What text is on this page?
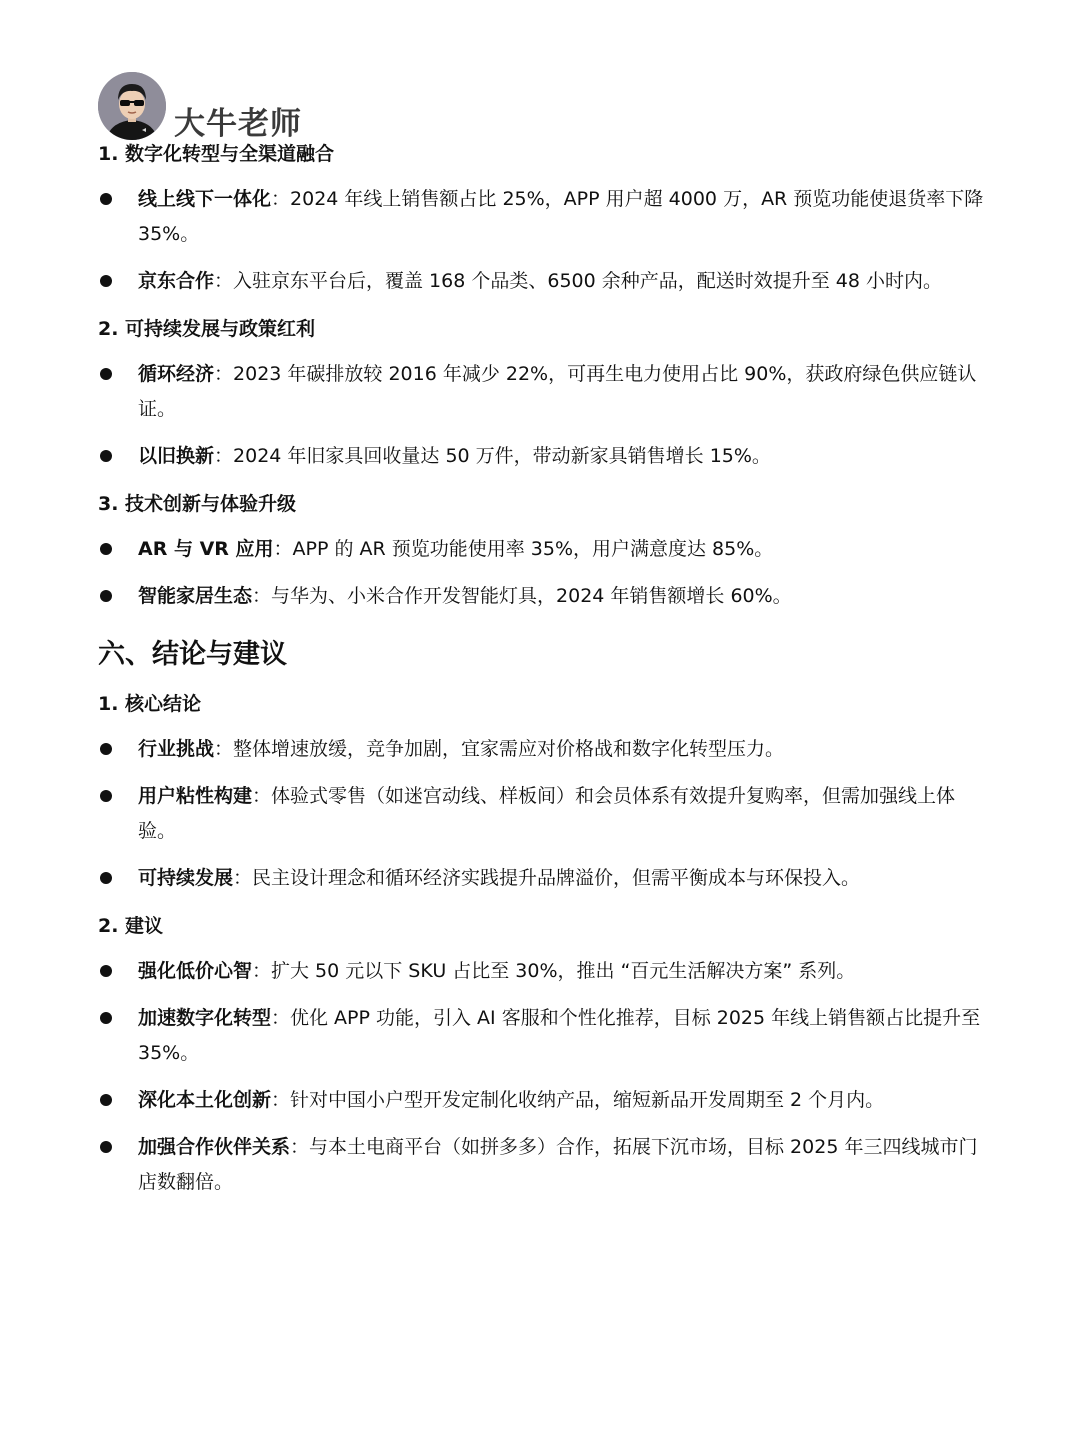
大牛老师
1. 数字化转型与全渠道融合
线上线下一体化：2024 年线上销售额占比 25%，APP 用户超 4000 万，AR 预览功能使退货率下降 35%。
京东合作：入驻京东平台后，覆盖 168 个品类、6500 余种产品，配送时效提升至 48 小时内。
2. 可持续发展与政策红利
循环经济：2023 年碳排放较 2016 年减少 22%，可再生电力使用占比 90%，获政府绿色供应链认证。
以旧换新：2024 年旧家具回收量达 50 万件，带动新家具销售增长 15%。
3. 技术创新与体验升级
AR 与 VR 应用：APP 的 AR 预览功能使用率 35%，用户满意度达 85%。
智能家居生态：与华为、小米合作开发智能灯具，2024 年销售额增长 60%。
六、结论与建议
1. 核心结论
行业挑战：整体增速放缓，竞争加剧，宜家需应对价格战和数字化转型压力。
用户粘性构建：体验式零售（如迷宫动线、样板间）和会员体系有效提升复购率，但需加强线上体验。
可持续发展：民主设计理念和循环经济实践提升品牌溢价，但需平衡成本与环保投入。
2. 建议
强化低价心智：扩大 50 元以下 SKU 占比至 30%，推出 “百元生活解决方案” 系列。
加速数字化转型：优化 APP 功能，引入 AI 客服和个性化推荐，目标 2025 年线上销售额占比提升至 35%。
深化本土化创新：针对中国小户型开发定制化收纳产品，缩短新品开发周期至 2 个月内。
加强合作伙伴关系：与本土电商平台（如拼多多）合作，拓展下沉市场，目标 2025 年三四线城市门店数翻倍。
